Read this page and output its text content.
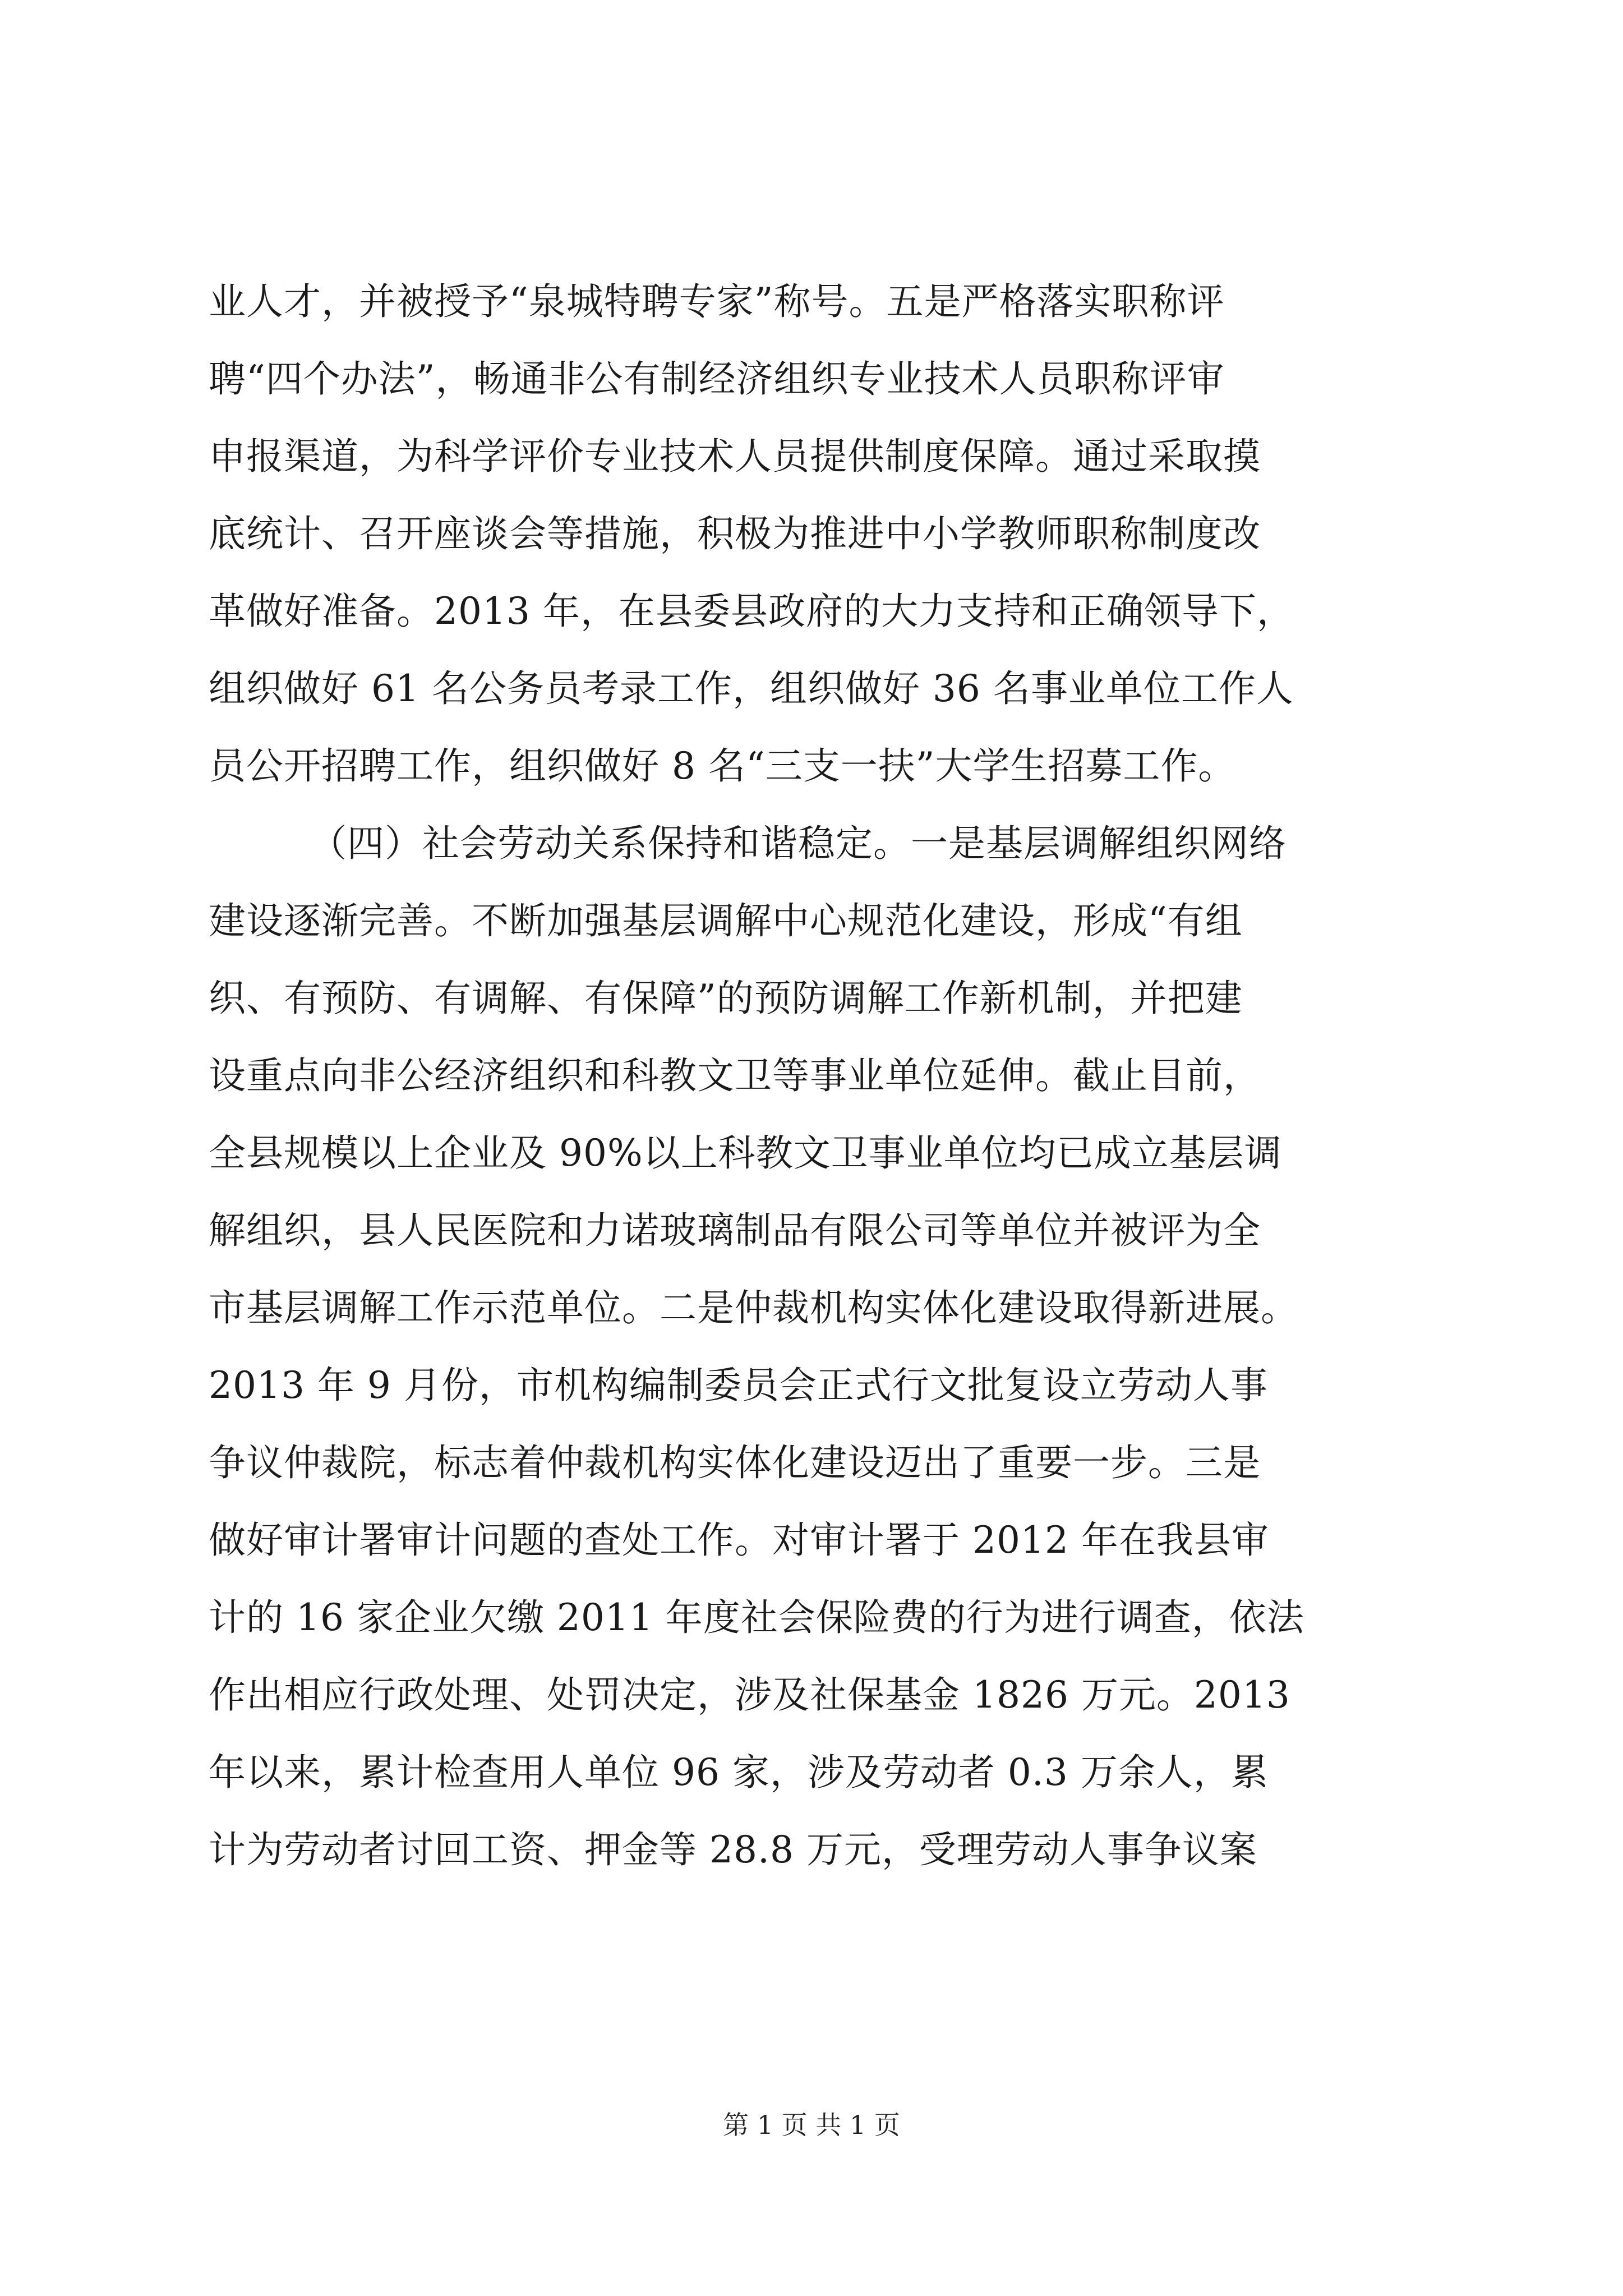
业人才，并被授予“泉城特聘专家”称号。五是严格落实职称评
聘“四个办法”，畅通非公有制经济组织专业技术人员职称评审
申报渠道，为科学评价专业技术人员提供制度保障。通过采取摸
底统计、召开座谈会等措施，积极为推进中小学教师职称制度改
革做好准备。2013 年，在县委县政府的大力支持和正确领导下，
组织做好 61 名公务员考录工作，组织做好 36 名事业单位工作人
员公开招聘工作，组织做好 8 名“三支一扶”大学生招募工作。
（四）社会劳动关系保持和谐稳定。一是基层调解组织网络
建设逐渐完善。不断加强基层调解中心规范化建设，形成“有组
织、有预防、有调解、有保障”的预防调解工作新机制，并把建
设重点向非公经济组织和科教文卫等事业单位延伸。截止目前，
全县规模以上企业及 90%以上科教文卫事业单位均已成立基层调
解组织，县人民医院和力诺玻璃制品有限公司等单位并被评为全
市基层调解工作示范单位。二是仲裁机构实体化建设取得新进展。
2013 年 9 月份，市机构编制委员会正式行文批复设立劳动人事
争议仲裁院，标志着仲裁机构实体化建设迈出了重要一步。三是
做好审计署审计问题的查处工作。对审计署于 2012 年在我县审
计的 16 家企业欠缴 2011 年度社会保险费的行为进行调查，依法
作出相应行政处理、处罚决定，涉及社保基金 1826 万元。2013
年以来，累计检查用人单位 96 家，涉及劳动者 0.3 万余人，累
计为劳动者讨回工资、押金等 28.8 万元，受理劳动人事争议案
第 1 页 共 1 页
